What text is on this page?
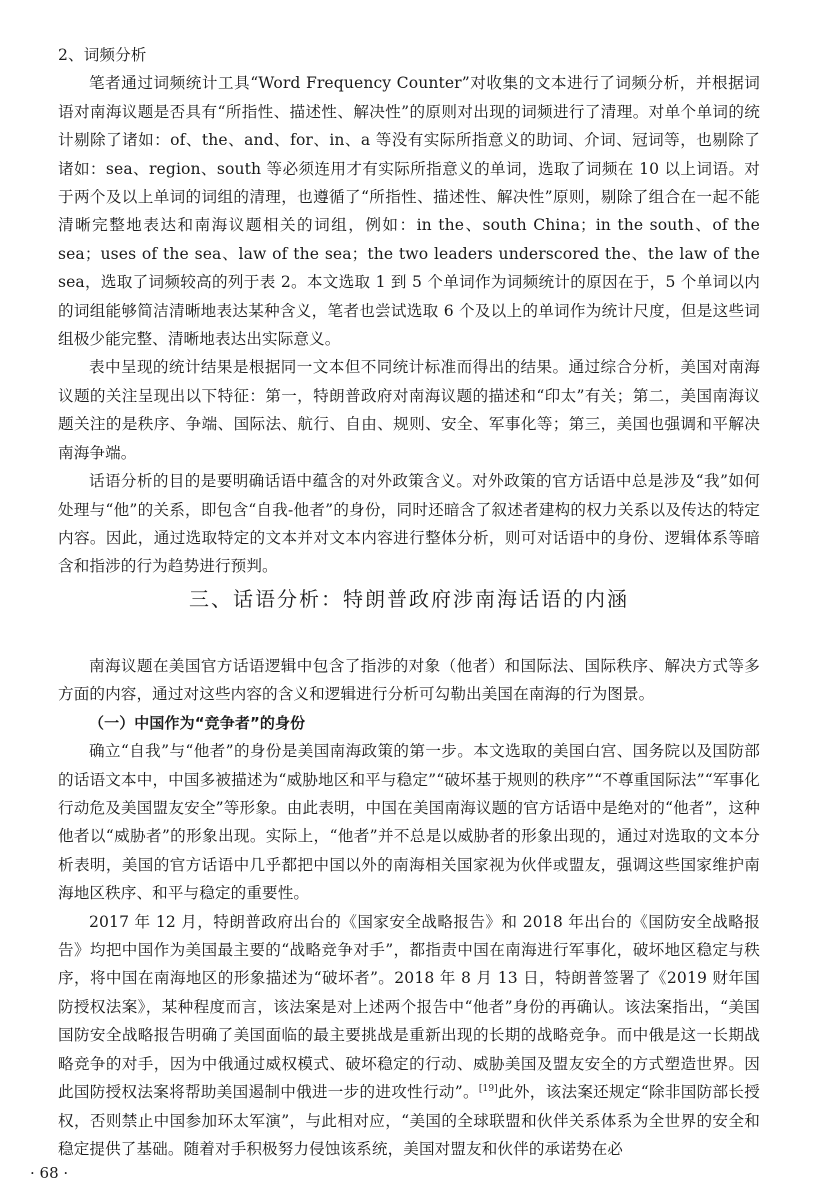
2、词频分析

笔者通过词频统计工具“Word Frequency Counter”对收集的文本进行了词频分析，并根据词语对南海议题是否具有“所指性、描述性、解决性”的原则对出现的词频进行了清理。对单个单词的统计剔除了诸如：of、the、and、for、in、a 等没有实际所指意义的助词、介词、冠词等，也剔除了诸如：sea、region、south 等必须连用才有实际所指意义的单词，选取了词频在 10 以上词语。对于两个及以上单词的词组的清理，也遵循了“所指性、描述性、解决性”原则，剔除了组合在一起不能清晰完整地表达和南海议题相关的词组，例如：in the、south China；in the south、of the sea；uses of the sea、law of the sea；the two leaders underscored the、the law of the sea，选取了词频较高的列于表 2。本文选取 1 到 5 个单词作为词频统计的原因在于，5 个单词以内的词组能够简洁清晰地表达某种含义，笔者也尝试选取 6 个及以上的单词作为统计尺度，但是这些词组极少能完整、清晰地表达出实际意义。

表中呈现的统计结果是根据同一文本但不同统计标准而得出的结果。通过综合分析，美国对南海议题的关注呈现出以下特征：第一，特朗普政府对南海议题的描述和“印太”有关；第二，美国南海议题关注的是秩序、争端、国际法、航行、自由、规则、安全、军事化等；第三，美国也强调和平解决南海争端。

话语分析的目的是要明确话语中蕴含的对外政策含义。对外政策的官方话语中总是涉及“我”如何处理与“他”的关系，即包含“自我-他者”的身份，同时还暗含了叙述者建构的权力关系以及传达的特定内容。因此，通过选取特定的文本并对文本内容进行整体分析，则可对话语中的身份、逻辑体系等暗含和指涉的行为趋势进行预判。

三、话语分析：特朗普政府涉南海话语的内涵

南海议题在美国官方话语逻辑中包含了指涉的对象（他者）和国际法、国际秩序、解决方式等多方面的内容，通过对这些内容的含义和逻辑进行分析可勾勒出美国在南海的行为图景。

（一）中国作为“竞争者”的身份

确立“自我”与“他者”的身份是美国南海政策的第一步。本文选取的美国白宫、国务院以及国防部的话语文本中，中国多被描述为“威胁地区和平与稳定”“破坏基于规则的秩序”“不尊重国际法”“军事化行动危及美国盟友安全”等形象。由此表明，中国在美国南海议题的官方话语中是绝对的“他者”，这种他者以“威胁者”的形象出现。实际上，“他者”并不总是以威胁者的形象出现的，通过对选取的文本分析表明，美国的官方话语中几乎都把中国以外的南海相关国家视为伙伴或盟友，强调这些国家维护南海地区秩序、和平与稳定的重要性。

2017 年 12 月，特朗普政府出台的《国家安全战略报告》和 2018 年出台的《国防安全战略报告》均把中国作为美国最主要的“战略竞争对手”，都指责中国在南海进行军事化，破坏地区稳定与秩序，将中国在南海地区的形象描述为“破坏者”。2018 年 8 月 13 日，特朗普签署了《2019 财年国防授权法案》，某种程度而言，该法案是对上述两个报告中“他者”身份的再确认。该法案指出，“美国国防安全战略报告明确了美国面临的最主要挑战是重新出现的长期的战略竞争。而中俄是这一长期战略竞争的对手，因为中俄通过威权模式、破坏稳定的行动、威胁美国及盟友安全的方式塑造世界。因此国防授权法案将帮助美国遏制中俄进一步的进攻性行动”。[19]此外，该法案还规定“除非国防部长授权，否则禁止中国参加环太军演”，与此相对应，“美国的全球联盟和伙伴关系体系为全世界的安全和稳定提供了基础。随着对手积极努力侵蚀该系统，美国对盟友和伙伴的承诺势在必

· 68 ·
